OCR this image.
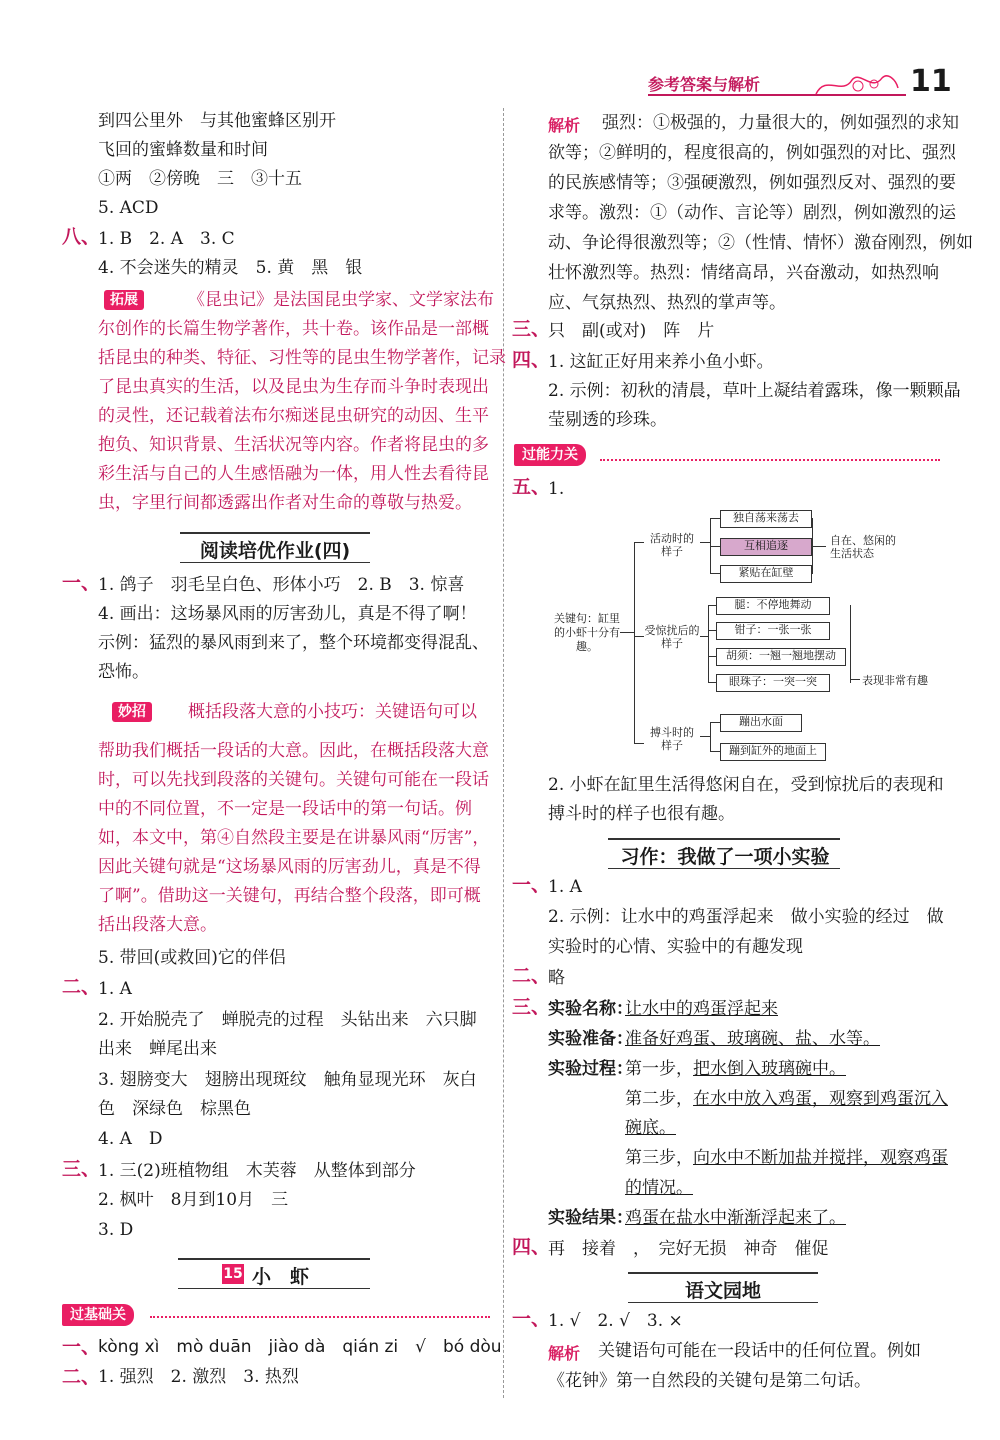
参考答案与解析	11
到四公里外　与其他蜜蜂区别开
飞回的蜜蜂数量和时间
①两　②傍晚　三　③十五
5. ACD
八、
1. B　2. A　3. C
4. 不会迷失的精灵　5. 黄　黑　银
拓展	《昆虫记》是法国昆虫学家、文学家法布
尔创作的长篇生物学著作，共十卷。该作品是一部概
括昆虫的种类、特征、习性等的昆虫生物学著作，记录
了昆虫真实的生活，以及昆虫为生存而斗争时表现出
的灵性，还记载着法布尔痴迷昆虫研究的动因、生平
抱负、知识背景、生活状况等内容。作者将昆虫的多
彩生活与自己的人生感悟融为一体，用人性去看待昆
虫，字里行间都透露出作者对生命的尊敬与热爱。
阅读培优作业(四)
一、
1. 鸽子　羽毛呈白色、形体小巧　2. B　3. 惊喜
4. 画出：这场暴风雨的厉害劲儿，真是不得了啊！
示例：猛烈的暴风雨到来了，整个环境都变得混乱、
恐怖。
妙招	概括段落大意的小技巧：关键语句可以
帮助我们概括一段话的大意。因此，在概括段落大意
时，可以先找到段落的关键句。关键句可能在一段话
中的不同位置，不一定是一段话中的第一句话。例
如，本文中，第④自然段主要是在讲暴风雨“厉害”，
因此关键句就是“这场暴风雨的厉害劲儿，真是不得
了啊”。借助这一关键句，再结合整个段落，即可概
括出段落大意。
5. 带回(或救回)它的伴侣
二、
1. A
2. 开始脱壳了　蝉脱壳的过程　头钻出来　六只脚
出来　蝉尾出来
3. 翅膀变大　翅膀出现斑纹　触角显现光环　灰白
色　深绿色　棕黑色
4. A　D
三、
1. 三(2)班植物组　木芙蓉　从整体到部分
2. 枫叶　8月到10月　三
3. D
15 小　虾
过基础关
一、
kòng xì　mò duān　jiào dà　qián zi　√　bó dòu
二、
1. 强烈　2. 激烈　3. 热烈
解析 强烈：①极强的，力量很大的，例如强烈的求知
欲等；②鲜明的，程度很高的，例如强烈的对比、强烈
的民族感情等；③强硬激烈，例如强烈反对、强烈的要
求等。激烈：①（动作、言论等）剧烈，例如激烈的运
动、争论得很激烈等；②（性情、情怀）激奋刚烈，例如
壮怀激烈等。热烈：情绪高昂，兴奋激动，如热烈响
应、气氛热烈、热烈的掌声等。
三、
只　副(或对)　阵　片
四、
1. 这缸正好用来养小鱼小虾。
2. 示例：初秋的清晨，草叶上凝结着露珠，像一颗颗晶
莹剔透的珍珠。
过能力关
五、
1.
关键句：缸里的小虾十分有趣。
活动时的样子
独自荡来荡去
互相追逐
紧贴在缸壁
自在、悠闲的生活状态
受惊扰后的样子
腿：不停地舞动
钳子：一张一张
胡须：一翘一翘地摆动
眼珠子：一突一突	表现非常有趣
搏斗时的样子
蹦出水面
蹦到缸外的地面上
2. 小虾在缸里生活得悠闲自在，受到惊扰后的表现和
搏斗时的样子也很有趣。
习作：我做了一项小实验
一、
1. A
2. 示例：让水中的鸡蛋浮起来　做小实验的经过　做
实验时的心情、实验中的有趣发现
二、
略
三、
实验名称：
让水中的鸡蛋浮起来
实验准备：
准备好鸡蛋、玻璃碗、盐、水等。
实验过程：
第一步， 把水倒入玻璃碗中。
第二步， 在水中放入鸡蛋，观察到鸡蛋沉入
碗底。
第三步， 向水中不断加盐并搅拌，观察鸡蛋
的情况。
实验结果：
鸡蛋在盐水中渐渐浮起来了。
四、
再　接着　，　完好无损　神奇　催促
语文园地
一、
1. √　2. √　3. ×
解析 关键语句可能在一段话中的任何位置。例如
《花钟》第一自然段的关键句是第二句话。
